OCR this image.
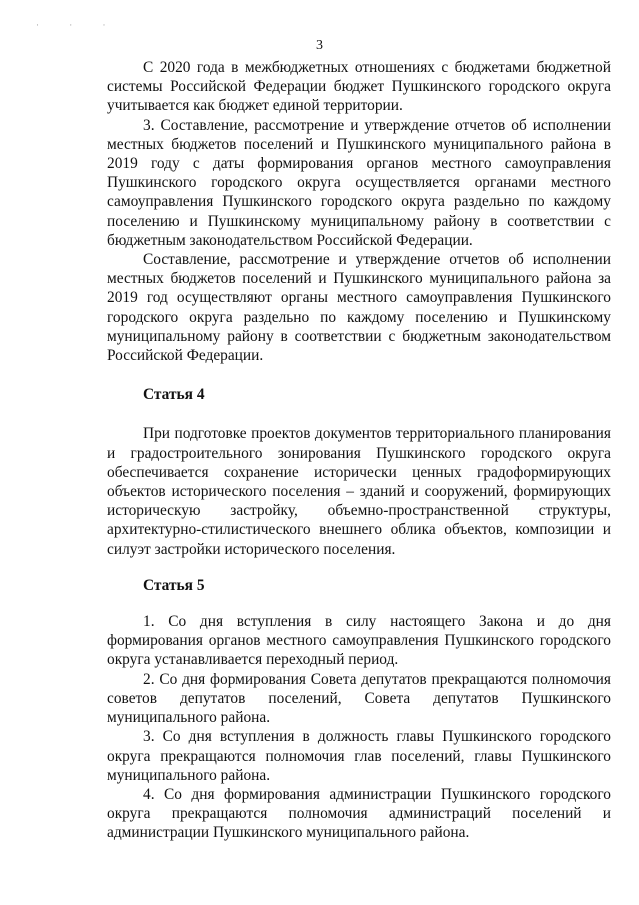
· · ·
3

С 2020 года в межбюджетных отношениях с бюджетами бюджетной системы Российской Федерации бюджет Пушкинского городского округа учитывается как бюджет единой территории.

3. Составление, рассмотрение и утверждение отчетов об исполнении местных бюджетов поселений и Пушкинского муниципального района в 2019 году с даты формирования органов местного самоуправления Пушкинского городского округа осуществляется органами местного самоуправления Пушкинского городского округа раздельно по каждому поселению и Пушкинскому муниципальному району в соответствии с бюджетным законодательством Российской Федерации.

Составление, рассмотрение и утверждение отчетов об исполнении местных бюджетов поселений и Пушкинского муниципального района за 2019 год осуществляют органы местного самоуправления Пушкинского городского округа раздельно по каждому поселению и Пушкинскому муниципальному району в соответствии с бюджетным законодательством Российской Федерации.

Статья 4

При подготовке проектов документов территориального планирования и градостроительного зонирования Пушкинского городского округа обеспечивается сохранение исторически ценных градоформирующих объектов исторического поселения – зданий и сооружений, формирующих историческую застройку, объемно-пространственной структуры, архитектурно-стилистического внешнего облика объектов, композиции и силуэт застройки исторического поселения.

Статья 5

1. Со дня вступления в силу настоящего Закона и до дня формирования органов местного самоуправления Пушкинского городского округа устанавливается переходный период.

2. Со дня формирования Совета депутатов прекращаются полномочия советов депутатов поселений, Совета депутатов Пушкинского муниципального района.

3. Со дня вступления в должность главы Пушкинского городского округа прекращаются полномочия глав поселений, главы Пушкинского муниципального района.

4. Со дня формирования администрации Пушкинского городского округа прекращаются полномочия администраций поселений и администрации Пушкинского муниципального района.
